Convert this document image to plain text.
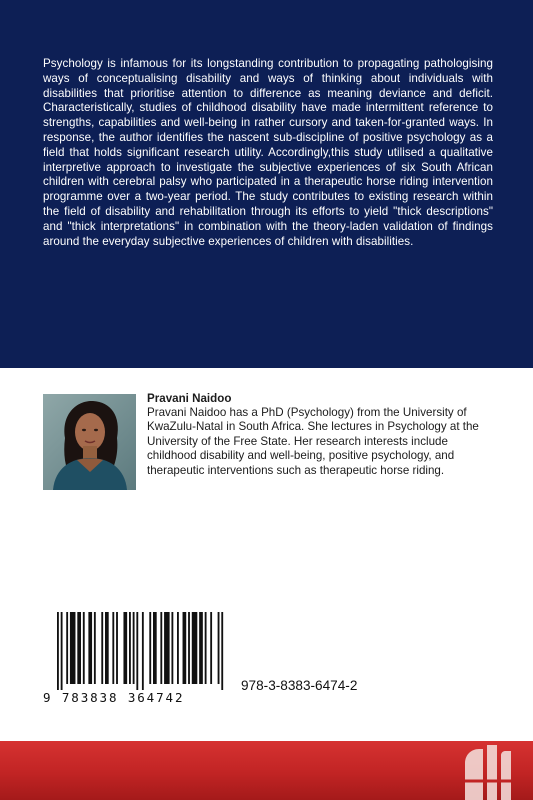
Psychology is infamous for its longstanding contribution to propagating pathologising ways of conceptualising disability and ways of thinking about individuals with disabilities that prioritise attention to difference as meaning deviance and deficit. Characteristically, studies of childhood disability have made intermittent reference to strengths, capabilities and well-being in rather cursory and taken-for-granted ways. In response, the author identifies the nascent sub-discipline of positive psychology as a field that holds significant research utility. Accordingly,this study utilised a qualitative interpretive approach to investigate the subjective experiences of six South African children with cerebral palsy who participated in a therapeutic horse riding intervention programme over a two-year period. The study contributes to existing research within the field of disability and rehabilitation through its efforts to yield "thick descriptions" and "thick interpretations" in combination with the theory-laden validation of findings around the everyday subjective experiences of children with disabilities.

Pravani Naidoo

Pravani Naidoo has a PhD (Psychology) from the University of KwaZulu-Natal in South Africa. She lectures in Psychology at the University of the Free State. Her research interests include childhood disability and well-being, positive psychology, and therapeutic interventions such as therapeutic horse riding.

9 783838 364742
978-3-8383-6474-2
